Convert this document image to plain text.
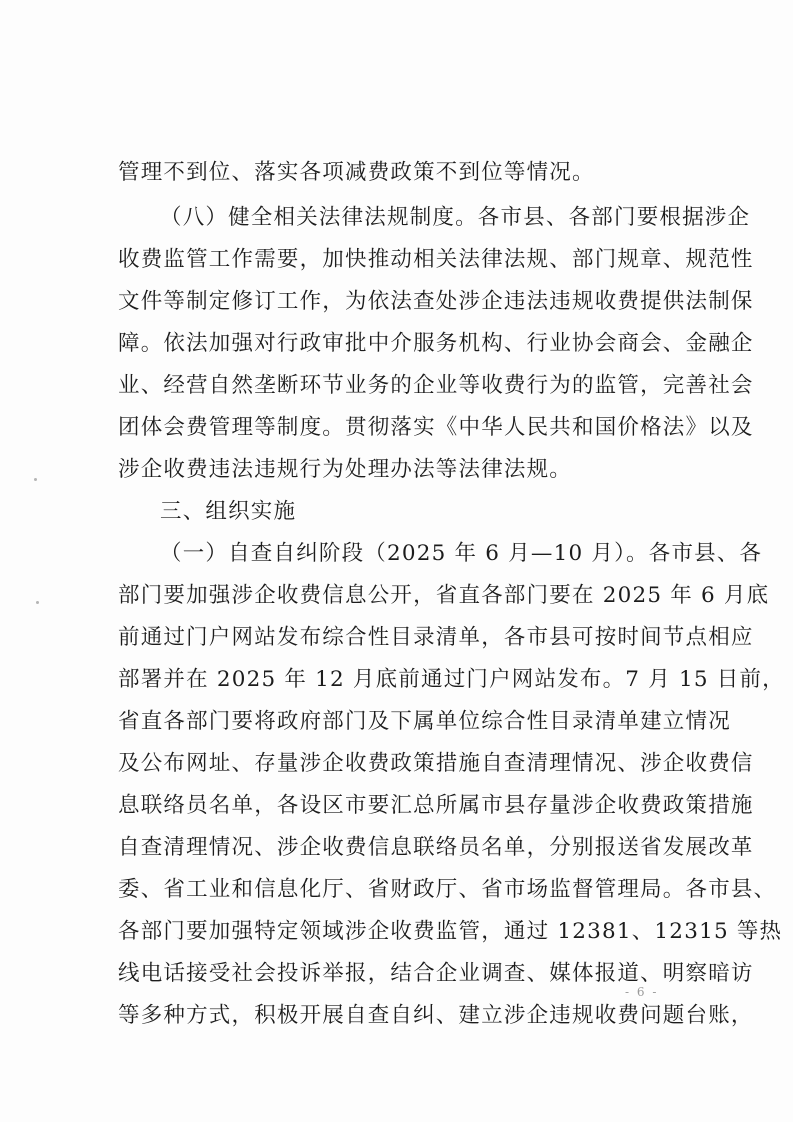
管理不到位、落实各项减费政策不到位等情况。
（八）健全相关法律法规制度。各市县、各部门要根据涉企
收费监管工作需要，加快推动相关法律法规、部门规章、规范性
文件等制定修订工作，为依法查处涉企违法违规收费提供法制保
障。依法加强对行政审批中介服务机构、行业协会商会、金融企
业、经营自然垄断环节业务的企业等收费行为的监管，完善社会
团体会费管理等制度。贯彻落实《中华人民共和国价格法》以及
涉企收费违法违规行为处理办法等法律法规。
三、组织实施
（一）自查自纠阶段（2025 年 6 月—10 月）。各市县、各
部门要加强涉企收费信息公开，省直各部门要在 2025 年 6 月底
前通过门户网站发布综合性目录清单，各市县可按时间节点相应
部署并在 2025 年 12 月底前通过门户网站发布。7 月 15 日前，
省直各部门要将政府部门及下属单位综合性目录清单建立情况
及公布网址、存量涉企收费政策措施自查清理情况、涉企收费信
息联络员名单，各设区市要汇总所属市县存量涉企收费政策措施
自查清理情况、涉企收费信息联络员名单，分别报送省发展改革
委、省工业和信息化厅、省财政厅、省市场监督管理局。各市县、
各部门要加强特定领域涉企收费监管，通过 12381、12315 等热
线电话接受社会投诉举报，结合企业调查、媒体报道、明察暗访
等多种方式，积极开展自查自纠、建立涉企违规收费问题台账，
- 6 -
